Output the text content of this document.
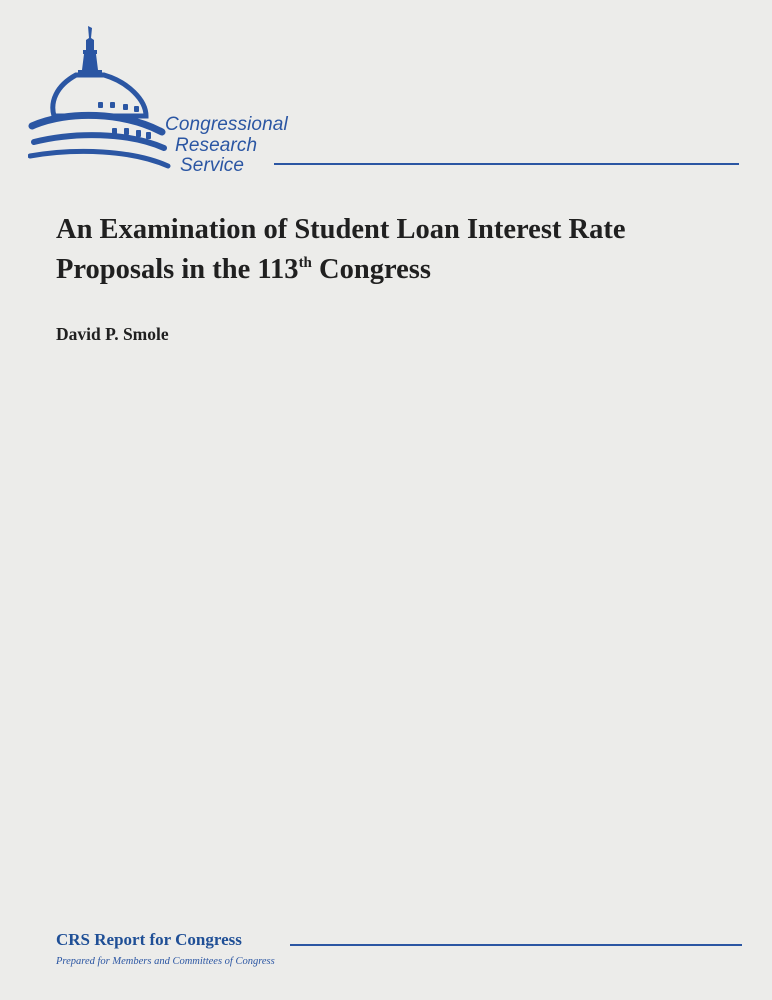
Congressional
Research
Service
An Examination of Student Loan Interest Rate
Proposals in the 113th Congress
David P. Smole
CRS Report for Congress
Prepared for Members and Committees of Congress
